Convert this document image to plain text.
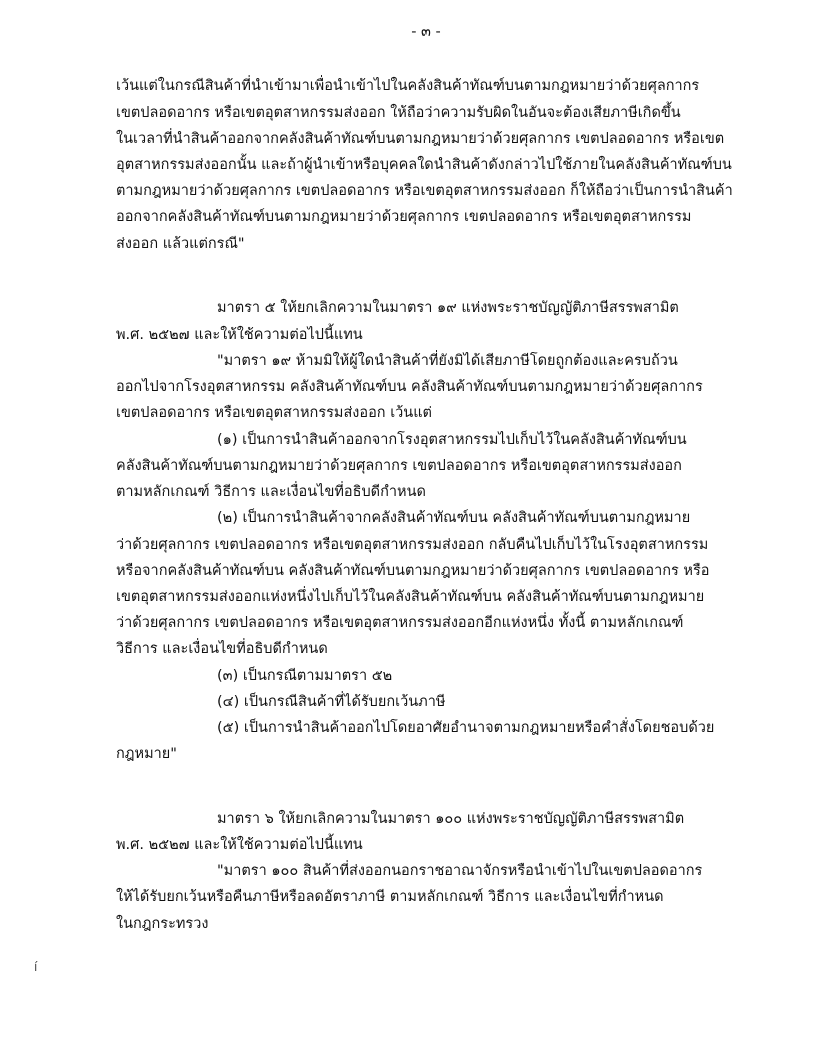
- ๓ -
เว้นแต่ในกรณีสินค้าที่นำเข้ามาเพื่อนำเข้าไปในคลังสินค้าทัณฑ์บนตามกฎหมายว่าด้วยศุลกากร
เขตปลอดอากร หรือเขตอุตสาหกรรมส่งออก ให้ถือว่าความรับผิดในอันจะต้องเสียภาษีเกิดขึ้น
ในเวลาที่นำสินค้าออกจากคลังสินค้าทัณฑ์บนตามกฎหมายว่าด้วยศุลกากร เขตปลอดอากร หรือเขต
อุตสาหกรรมส่งออกนั้น และถ้าผู้นำเข้าหรือบุคคลใดนำสินค้าดังกล่าวไปใช้ภายในคลังสินค้าทัณฑ์บน
ตามกฎหมายว่าด้วยศุลกากร เขตปลอดอากร หรือเขตอุตสาหกรรมส่งออก ก็ให้ถือว่าเป็นการนำสินค้า
ออกจากคลังสินค้าทัณฑ์บนตามกฎหมายว่าด้วยศุลกากร เขตปลอดอากร หรือเขตอุตสาหกรรม
ส่งออก แล้วแต่กรณี"
มาตรา ๕ ให้ยกเลิกความในมาตรา ๑๙ แห่งพระราชบัญญัติภาษีสรรพสามิต
พ.ศ. ๒๕๒๗ และให้ใช้ความต่อไปนี้แทน
"มาตรา ๑๙ ห้ามมิให้ผู้ใดนำสินค้าที่ยังมิได้เสียภาษีโดยถูกต้องและครบถ้วน
ออกไปจากโรงอุตสาหกรรม คลังสินค้าทัณฑ์บน คลังสินค้าทัณฑ์บนตามกฎหมายว่าด้วยศุลกากร
เขตปลอดอากร หรือเขตอุตสาหกรรมส่งออก เว้นแต่
(๑) เป็นการนำสินค้าออกจากโรงอุตสาหกรรมไปเก็บไว้ในคลังสินค้าทัณฑ์บน
คลังสินค้าทัณฑ์บนตามกฎหมายว่าด้วยศุลกากร เขตปลอดอากร หรือเขตอุตสาหกรรมส่งออก
ตามหลักเกณฑ์ วิธีการ และเงื่อนไขที่อธิบดีกำหนด
(๒) เป็นการนำสินค้าจากคลังสินค้าทัณฑ์บน คลังสินค้าทัณฑ์บนตามกฎหมาย
ว่าด้วยศุลกากร เขตปลอดอากร หรือเขตอุตสาหกรรมส่งออก กลับคืนไปเก็บไว้ในโรงอุตสาหกรรม
หรือจากคลังสินค้าทัณฑ์บน คลังสินค้าทัณฑ์บนตามกฎหมายว่าด้วยศุลกากร เขตปลอดอากร หรือ
เขตอุตสาหกรรมส่งออกแห่งหนึ่งไปเก็บไว้ในคลังสินค้าทัณฑ์บน คลังสินค้าทัณฑ์บนตามกฎหมาย
ว่าด้วยศุลกากร เขตปลอดอากร หรือเขตอุตสาหกรรมส่งออกอีกแห่งหนึ่ง ทั้งนี้ ตามหลักเกณฑ์
วิธีการ และเงื่อนไขที่อธิบดีกำหนด
(๓) เป็นกรณีตามมาตรา ๕๒
(๔) เป็นกรณีสินค้าที่ได้รับยกเว้นภาษี
(๕) เป็นการนำสินค้าออกไปโดยอาศัยอำนาจตามกฎหมายหรือคำสั่งโดยชอบด้วย
กฎหมาย"
มาตรา ๖ ให้ยกเลิกความในมาตรา ๑๐๐ แห่งพระราชบัญญัติภาษีสรรพสามิต
พ.ศ. ๒๕๒๗ และให้ใช้ความต่อไปนี้แทน
"มาตรา ๑๐๐ สินค้าที่ส่งออกนอกราชอาณาจักรหรือนำเข้าไปในเขตปลอดอากร
ให้ได้รับยกเว้นหรือคืนภาษีหรือลดอัตราภาษี ตามหลักเกณฑ์ วิธีการ และเงื่อนไขที่กำหนด
ในกฎกระทรวง
í
